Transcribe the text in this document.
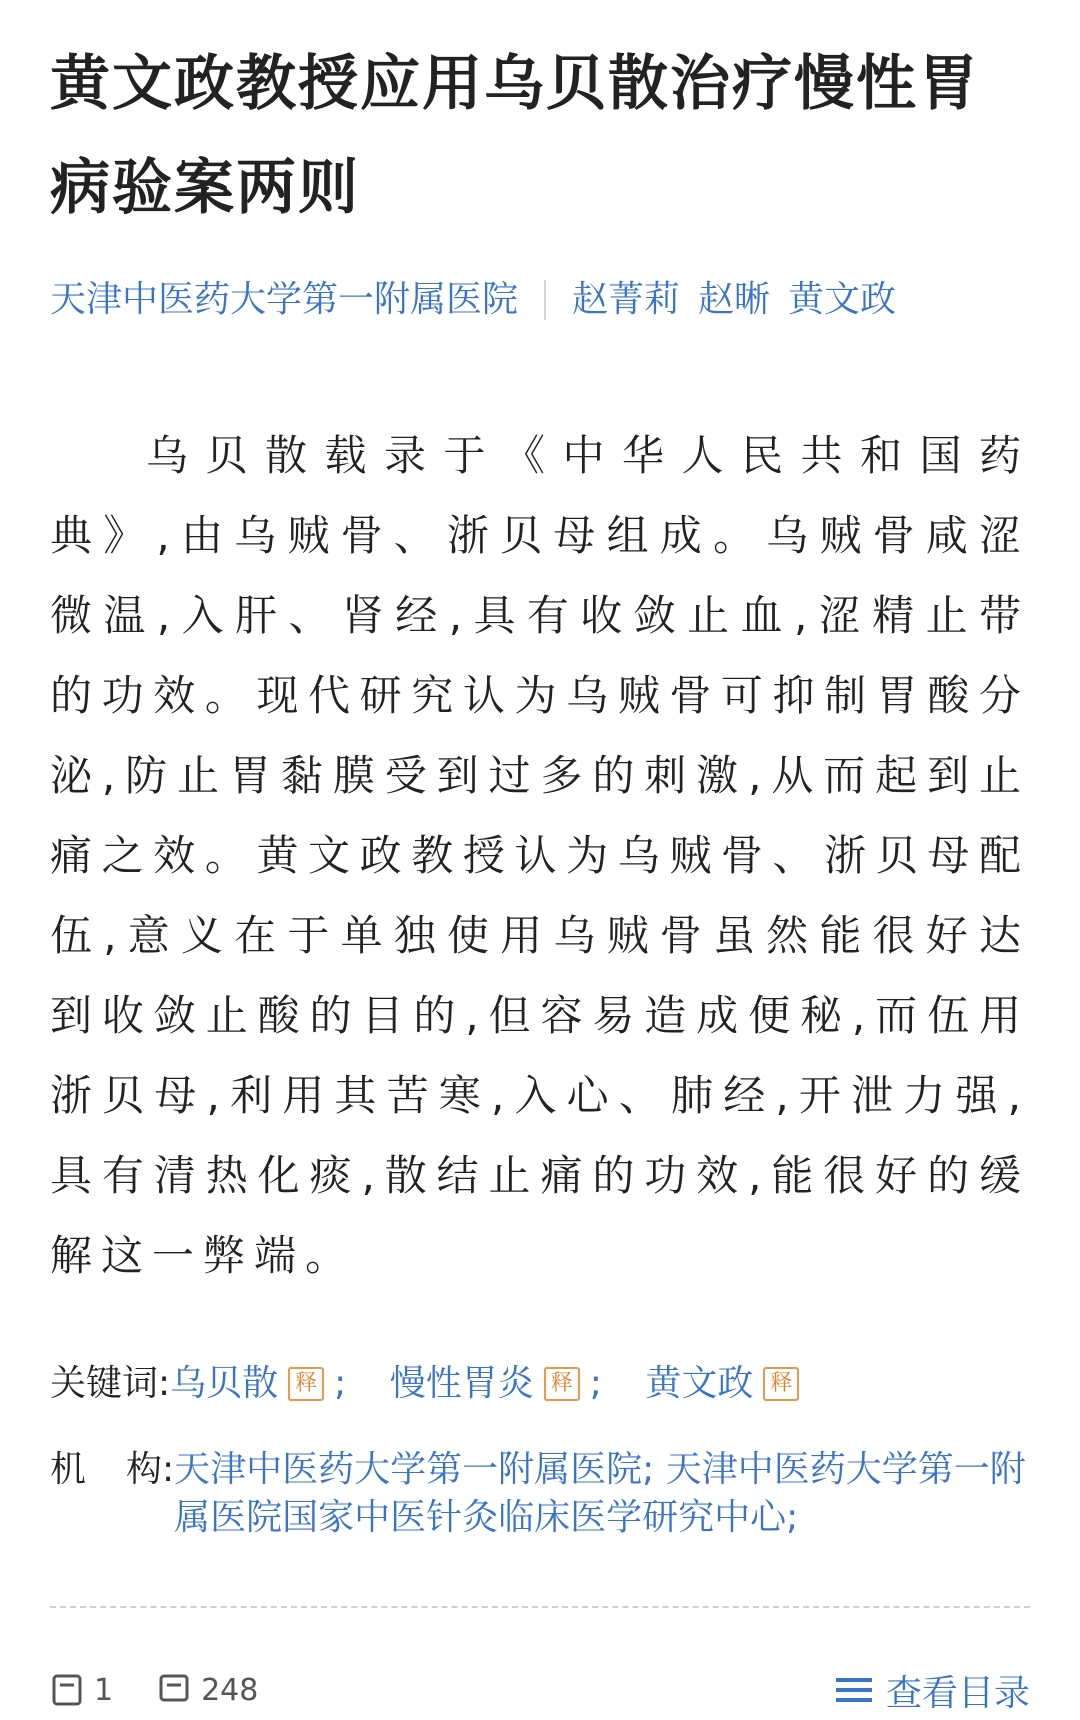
黄文政教授应用乌贝散治疗慢性胃病验案两则
天津中医药大学第一附属医院 赵菁莉 赵晰 黄文政
乌贝散载录于《中华人民共和国药典》,由乌贼骨、浙贝母组成。乌贼骨咸涩微温,入肝、肾经,具有收敛止血,涩精止带的功效。现代研究认为乌贼骨可抑制胃酸分泌,防止胃黏膜受到过多的刺激,从而起到止痛之效。黄文政教授认为乌贼骨、浙贝母配伍,意义在于单独使用乌贼骨虽然能很好达到收敛止酸的目的,但容易造成便秘,而伍用浙贝母,利用其苦寒,入心、肺经,开泄力强,具有清热化痰,散结止痛的功效,能很好的缓解这一弊端。
关键词: 乌贝散 释 ;
慢性胃炎 释 ;
黄文政 释
机 构: 天津中医药大学第一附属医院; 天津中医药大学第一附属医院国家中医针灸临床医学研究中心;
1	248	查看目录
